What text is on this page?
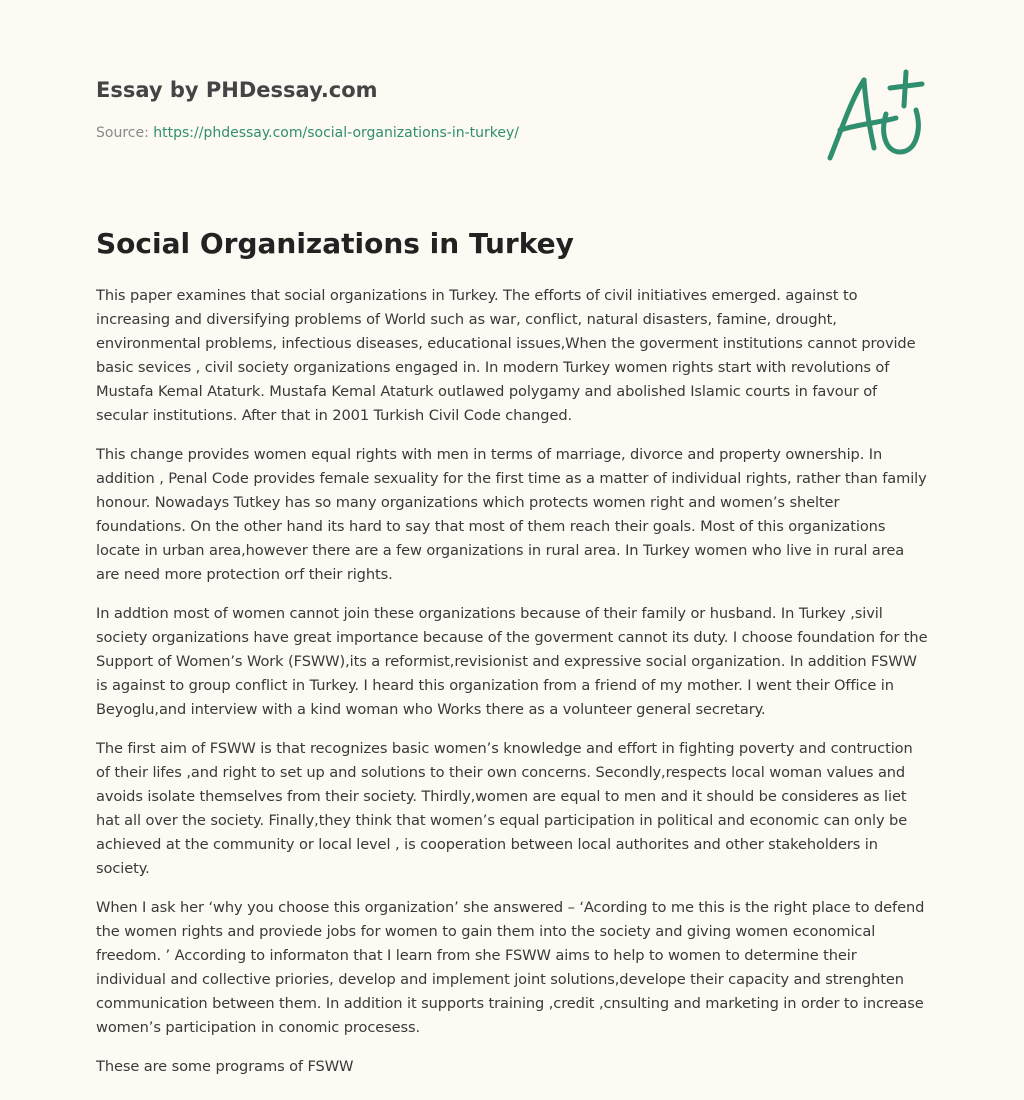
Essay by PHDessay.com
Source: https://phdessay.com/social-organizations-in-turkey/
Social Organizations in Turkey

This paper examines that social organizations in Turkey. The efforts of civil initiatives emerged. against to increasing and diversifying problems of World such as war, conflict, natural disasters, famine, drought, environmental problems, infectious diseases, educational issues,When the goverment institutions cannot provide basic sevices , civil society organizations engaged in. In modern Turkey women rights start with revolutions of Mustafa Kemal Ataturk. Mustafa Kemal Ataturk outlawed polygamy and abolished Islamic courts in favour of secular institutions. After that in 2001 Turkish Civil Code changed.

This change provides women equal rights with men in terms of marriage, divorce and property ownership. In addition , Penal Code provides female sexuality for the first time as a matter of individual rights, rather than family honour. Nowadays Tutkey has so many organizations which protects women right and women’s shelter foundations. On the other hand its hard to say that most of them reach their goals. Most of this organizations locate in urban area,however there are a few organizations in rural area. In Turkey women who live in rural area are need more protection orf their rights.

In addtion most of women cannot join these organizations because of their family or husband. In Turkey ,sivil society organizations have great importance because of the goverment cannot its duty. I choose foundation for the Support of Women’s Work (FSWW),its a reformist,revisionist and expressive social organization. In addition FSWW is against to group conflict in Turkey. I heard this organization from a friend of my mother. I went their Office in Beyoglu,and interview with a kind woman who Works there as a volunteer general secretary.

The first aim of FSWW is that recognizes basic women’s knowledge and effort in fighting poverty and contruction of their lifes ,and right to set up and solutions to their own concerns. Secondly,respects local woman values and avoids isolate themselves from their society. Thirdly,women are equal to men and it should be consideres as liet hat all over the society. Finally,they think that women’s equal participation in political and economic can only be achieved at the community or local level , is cooperation between local authorites and other stakeholders in society.

When I ask her ‘why you choose this organization’ she answered – ‘Acording to me this is the right place to defend the women rights and proviede jobs for women to gain them into the society and giving women economical freedom. ’ According to informaton that I learn from she FSWW aims to help to women to determine their individual and collective priories, develop and implement joint solutions,develope their capacity and strenghten communication between them. In addition it supports training ,credit ,cnsulting and marketing in order to increase women’s participation in conomic procesess.

These are some programs of FSWW
